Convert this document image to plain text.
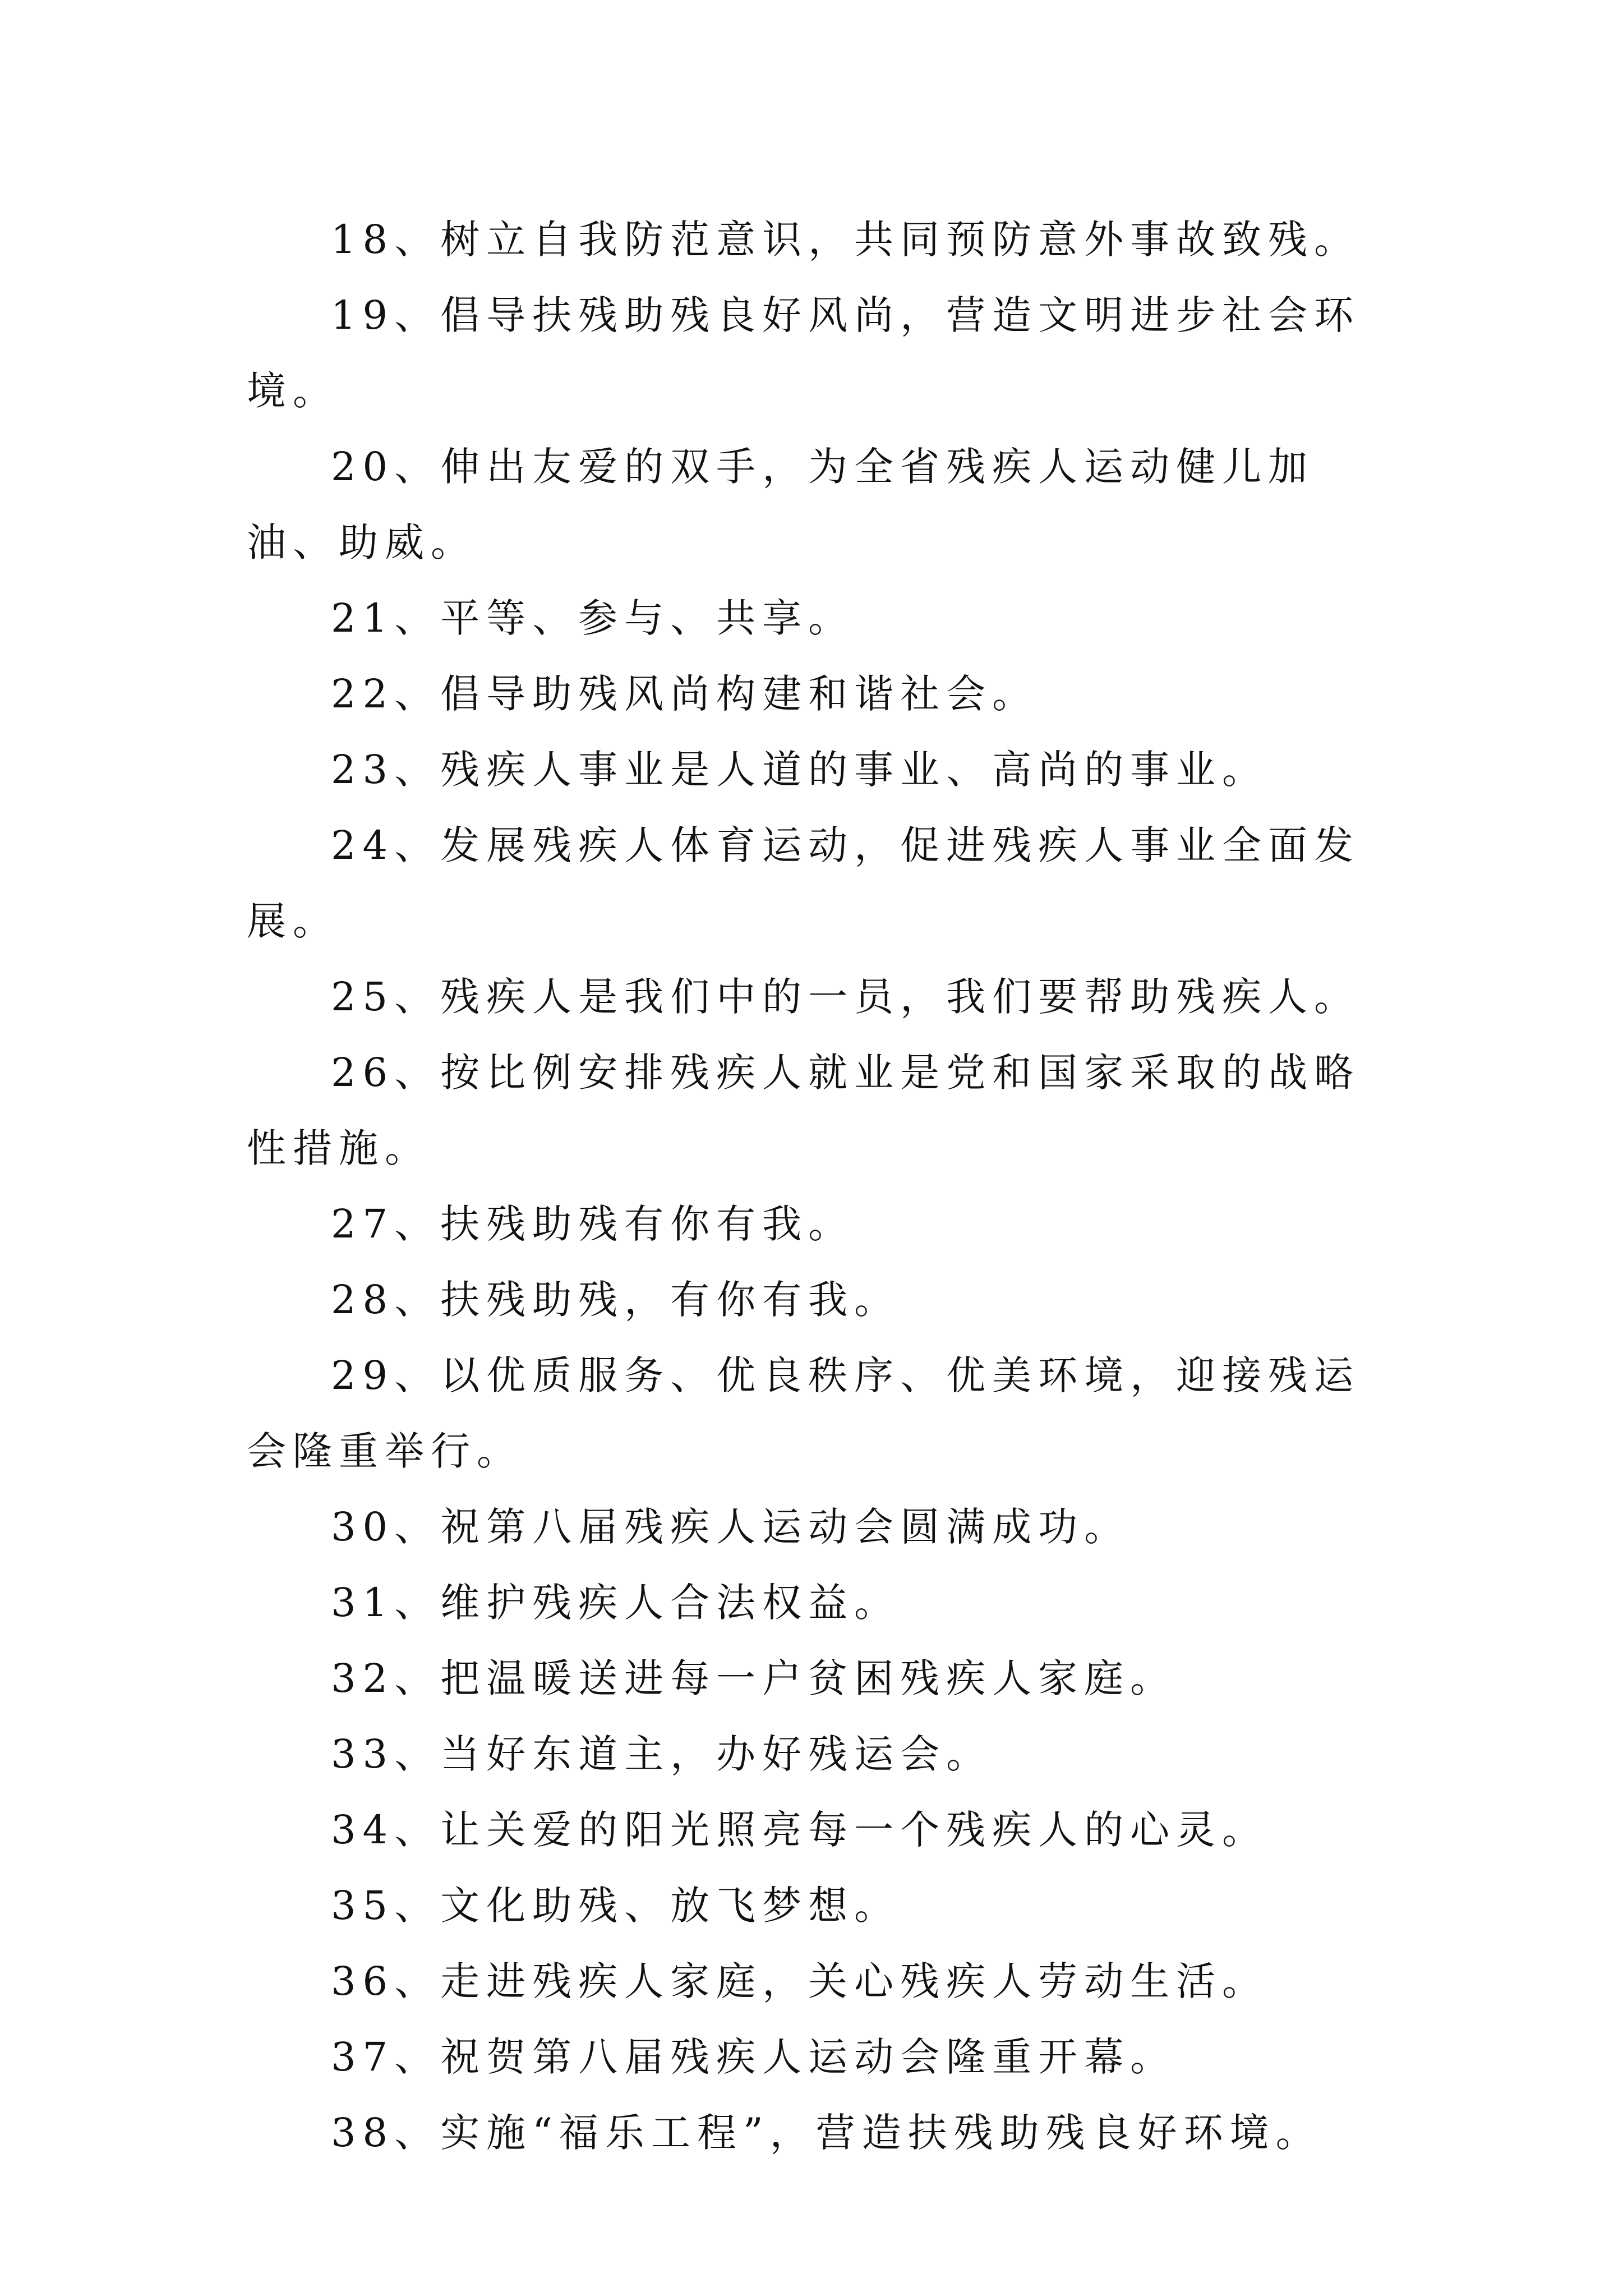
18、树立自我防范意识，共同预防意外事故致残。

19、倡导扶残助残良好风尚，营造文明进步社会环境。

20、伸出友爱的双手，为全省残疾人运动健儿加油、助威。

21、平等、参与、共享。

22、倡导助残风尚构建和谐社会。

23、残疾人事业是人道的事业、高尚的事业。

24、发展残疾人体育运动，促进残疾人事业全面发展。

25、残疾人是我们中的一员，我们要帮助残疾人。

26、按比例安排残疾人就业是党和国家采取的战略性措施。

27、扶残助残有你有我。

28、扶残助残，有你有我。

29、以优质服务、优良秩序、优美环境，迎接残运会隆重举行。

30、祝第八届残疾人运动会圆满成功。

31、维护残疾人合法权益。

32、把温暖送进每一户贫困残疾人家庭。

33、当好东道主，办好残运会。

34、让关爱的阳光照亮每一个残疾人的心灵。

35、文化助残、放飞梦想。

36、走进残疾人家庭，关心残疾人劳动生活。

37、祝贺第八届残疾人运动会隆重开幕。

38、实施“福乐工程”，营造扶残助残良好环境。
